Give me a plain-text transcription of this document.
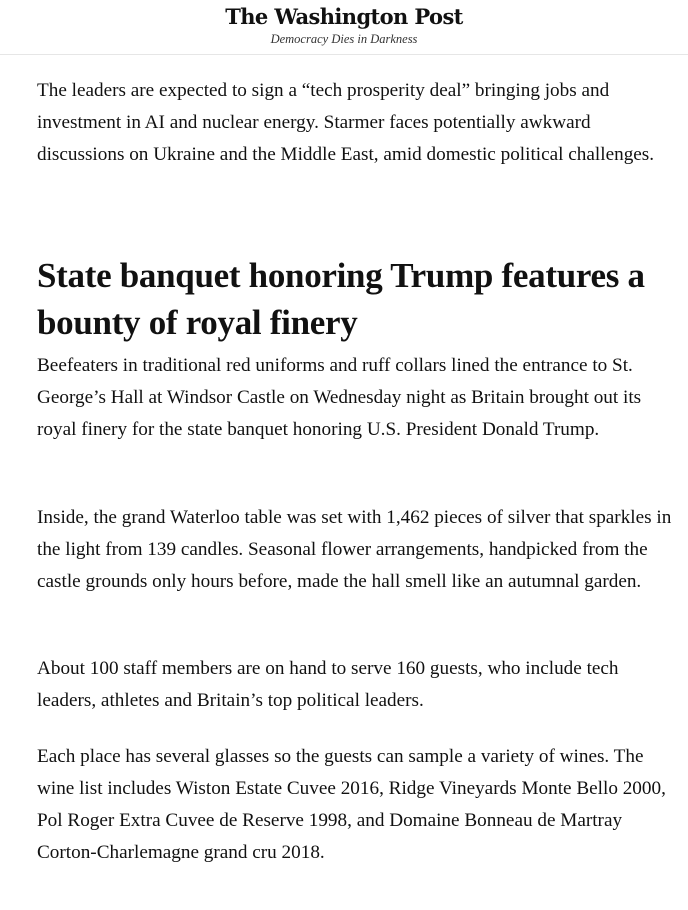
The Washington Post
Democracy Dies in Darkness

The leaders are expected to sign a “tech prosperity deal” bringing jobs and investment in AI and nuclear energy. Starmer faces potentially awkward discussions on Ukraine and the Middle East, amid domestic political challenges.

State banquet honoring Trump features a bounty of royal finery

Beefeaters in traditional red uniforms and ruff collars lined the entrance to St. George’s Hall at Windsor Castle on Wednesday night as Britain brought out its royal finery for the state banquet honoring U.S. President Donald Trump.

Inside, the grand Waterloo table was set with 1,462 pieces of silver that sparkles in the light from 139 candles. Seasonal flower arrangements, handpicked from the castle grounds only hours before, made the hall smell like an autumnal garden.

About 100 staff members are on hand to serve 160 guests, who include tech leaders, athletes and Britain’s top political leaders.

Each place has several glasses so the guests can sample a variety of wines. The wine list includes Wiston Estate Cuvee 2016, Ridge Vineyards Monte Bello 2000, Pol Roger Extra Cuvee de Reserve 1998, and Domaine Bonneau de Martray Corton-Charlemagne grand cru 2018.
